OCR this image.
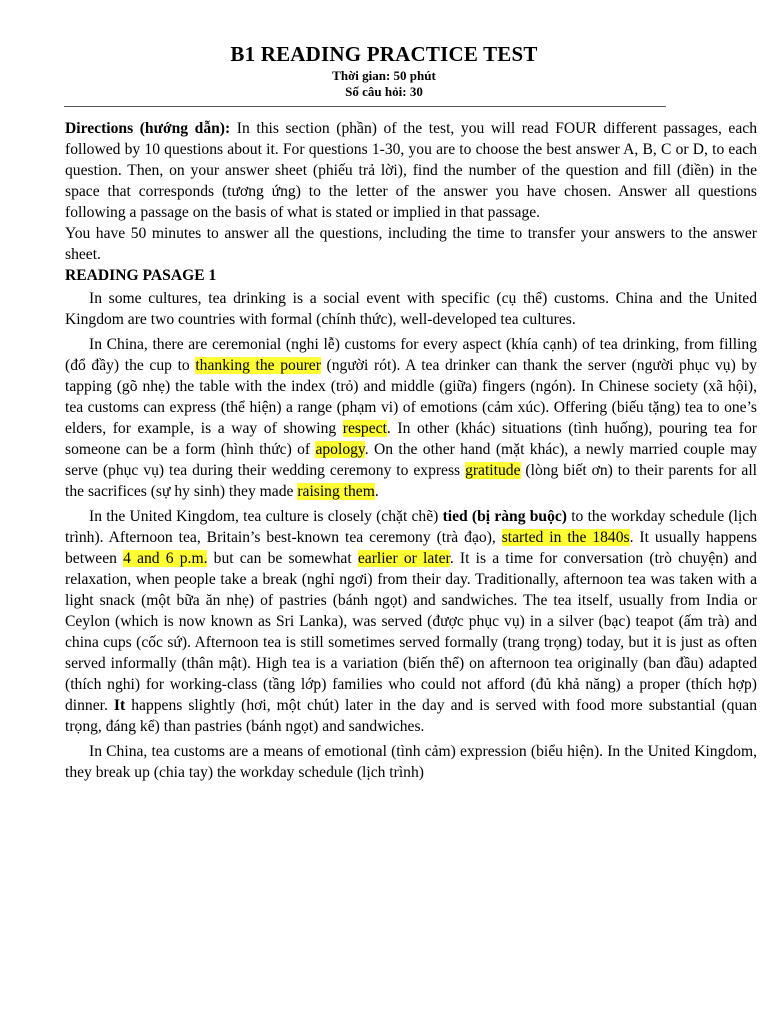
B1 READING PRACTICE TEST
Thời gian: 50 phút
Số câu hỏi: 30

Directions (hướng dẫn): In this section (phần) of the test, you will read FOUR different passages, each followed by 10 questions about it. For questions 1-30, you are to choose the best answer A, B, C or D, to each question. Then, on your answer sheet (phiếu trả lời), find the number of the question and fill (điền) in the space that corresponds (tương ứng) to the letter of the answer you have chosen. Answer all questions following a passage on the basis of what is stated or implied in that passage.

You have 50 minutes to answer all the questions, including the time to transfer your answers to the answer sheet.

READING PASAGE 1

In some cultures, tea drinking is a social event with specific (cụ thể) customs. China and the United Kingdom are two countries with formal (chính thức), well-developed tea cultures.

In China, there are ceremonial (nghi lễ) customs for every aspect (khía cạnh) of tea drinking, from filling (đổ đầy) the cup to thanking the pourer (người rót). A tea drinker can thank the server (người phục vụ) by tapping (gõ nhẹ) the table with the index (trỏ) and middle (giữa) fingers (ngón). In Chinese society (xã hội), tea customs can express (thể hiện) a range (phạm vi) of emotions (cảm xúc). Offering (biếu tặng) tea to one’s elders, for example, is a way of showing respect. In other (khác) situations (tình huống), pouring tea for someone can be a form (hình thức) of apology. On the other hand (mặt khác), a newly married couple may serve (phục vụ) tea during their wedding ceremony to express gratitude (lòng biết ơn) to their parents for all the sacrifices (sự hy sinh) they made raising them.

In the United Kingdom, tea culture is closely (chặt chẽ) tied (bị ràng buộc) to the workday schedule (lịch trình). Afternoon tea, Britain’s best-known tea ceremony (trà đạo), started in the 1840s. It usually happens between 4 and 6 p.m. but can be somewhat earlier or later. It is a time for conversation (trò chuyện) and relaxation, when people take a break (nghỉ ngơi) from their day. Traditionally, afternoon tea was taken with a light snack (một bữa ăn nhẹ) of pastries (bánh ngọt) and sandwiches. The tea itself, usually from India or Ceylon (which is now known as Sri Lanka), was served (được phục vụ) in a silver (bạc) teapot (ấm trà) and china cups (cốc sứ). Afternoon tea is still sometimes served formally (trang trọng) today, but it is just as often served informally (thân mật). High tea is a variation (biến thể) on afternoon tea originally (ban đầu) adapted (thích nghi) for working-class (tầng lớp) families who could not afford (đủ khả năng) a proper (thích hợp) dinner. It happens slightly (hơi, một chút) later in the day and is served with food more substantial (quan trọng, đáng kể) than pastries (bánh ngọt) and sandwiches.

In China, tea customs are a means of emotional (tình cảm) expression (biểu hiện). In the United Kingdom, they break up (chia tay) the workday schedule (lịch trình)
